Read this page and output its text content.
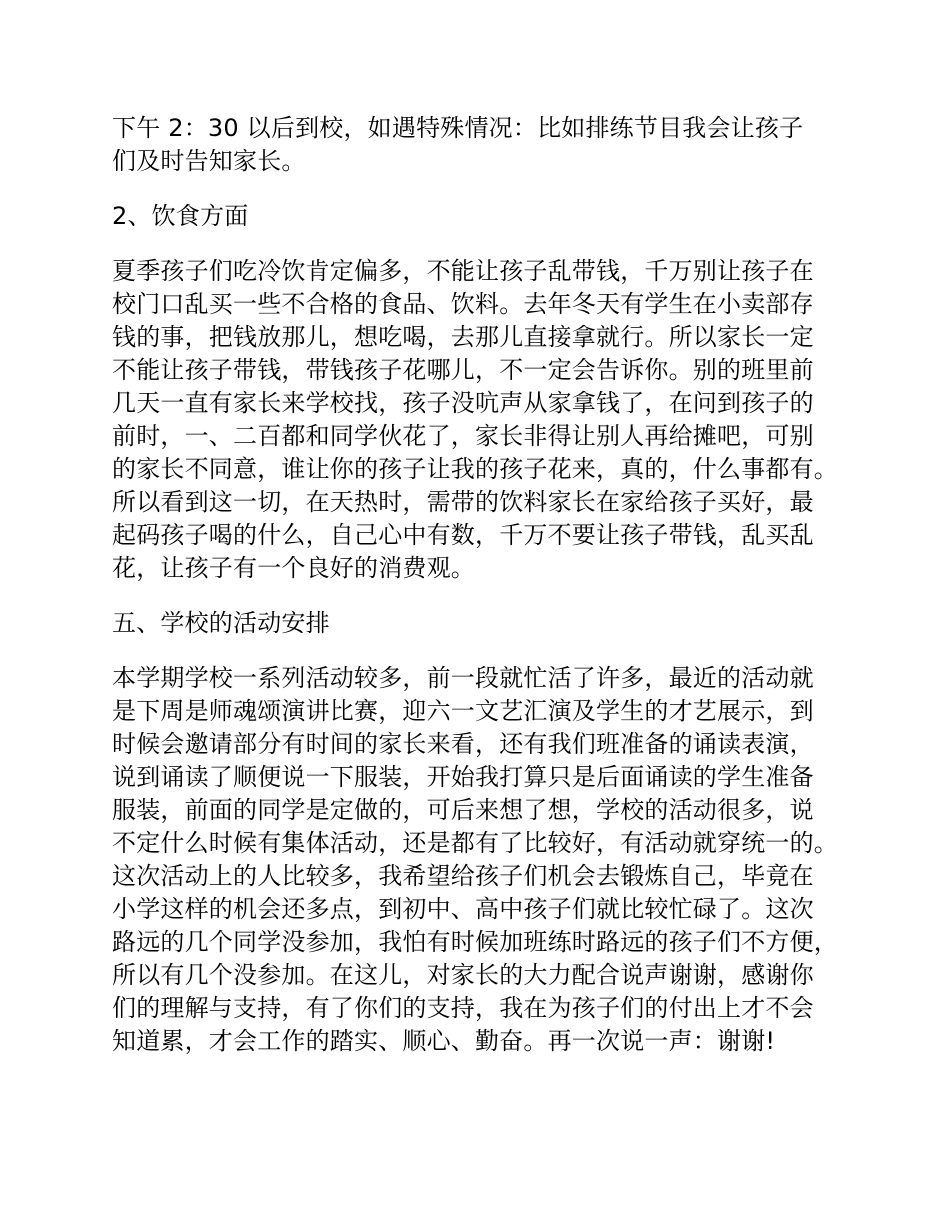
下午 2：30 以后到校，如遇特殊情况：比如排练节目我会让孩子
们及时告知家长。
2、饮食方面
夏季孩子们吃冷饮肯定偏多，不能让孩子乱带钱，千万别让孩子在
校门口乱买一些不合格的食品、饮料。去年冬天有学生在小卖部存
钱的事，把钱放那儿，想吃喝，去那儿直接拿就行。所以家长一定
不能让孩子带钱，带钱孩子花哪儿，不一定会告诉你。别的班里前
几天一直有家长来学校找，孩子没吭声从家拿钱了，在问到孩子的
前时，一、二百都和同学伙花了，家长非得让别人再给摊吧，可别
的家长不同意，谁让你的孩子让我的孩子花来，真的，什么事都有。
所以看到这一切，在天热时，需带的饮料家长在家给孩子买好，最
起码孩子喝的什么，自己心中有数，千万不要让孩子带钱，乱买乱
花，让孩子有一个良好的消费观。
五、学校的活动安排
本学期学校一系列活动较多，前一段就忙活了许多，最近的活动就
是下周是师魂颂演讲比赛，迎六一文艺汇演及学生的才艺展示，到
时候会邀请部分有时间的家长来看，还有我们班准备的诵读表演，
说到诵读了顺便说一下服装，开始我打算只是后面诵读的学生准备
服装，前面的同学是定做的，可后来想了想，学校的活动很多，说
不定什么时候有集体活动，还是都有了比较好，有活动就穿统一的。
这次活动上的人比较多，我希望给孩子们机会去锻炼自己，毕竟在
小学这样的机会还多点，到初中、高中孩子们就比较忙碌了。这次
路远的几个同学没参加，我怕有时候加班练时路远的孩子们不方便，
所以有几个没参加。在这儿，对家长的大力配合说声谢谢，感谢你
们的理解与支持，有了你们的支持，我在为孩子们的付出上才不会
知道累，才会工作的踏实、顺心、勤奋。再一次说一声：谢谢!
